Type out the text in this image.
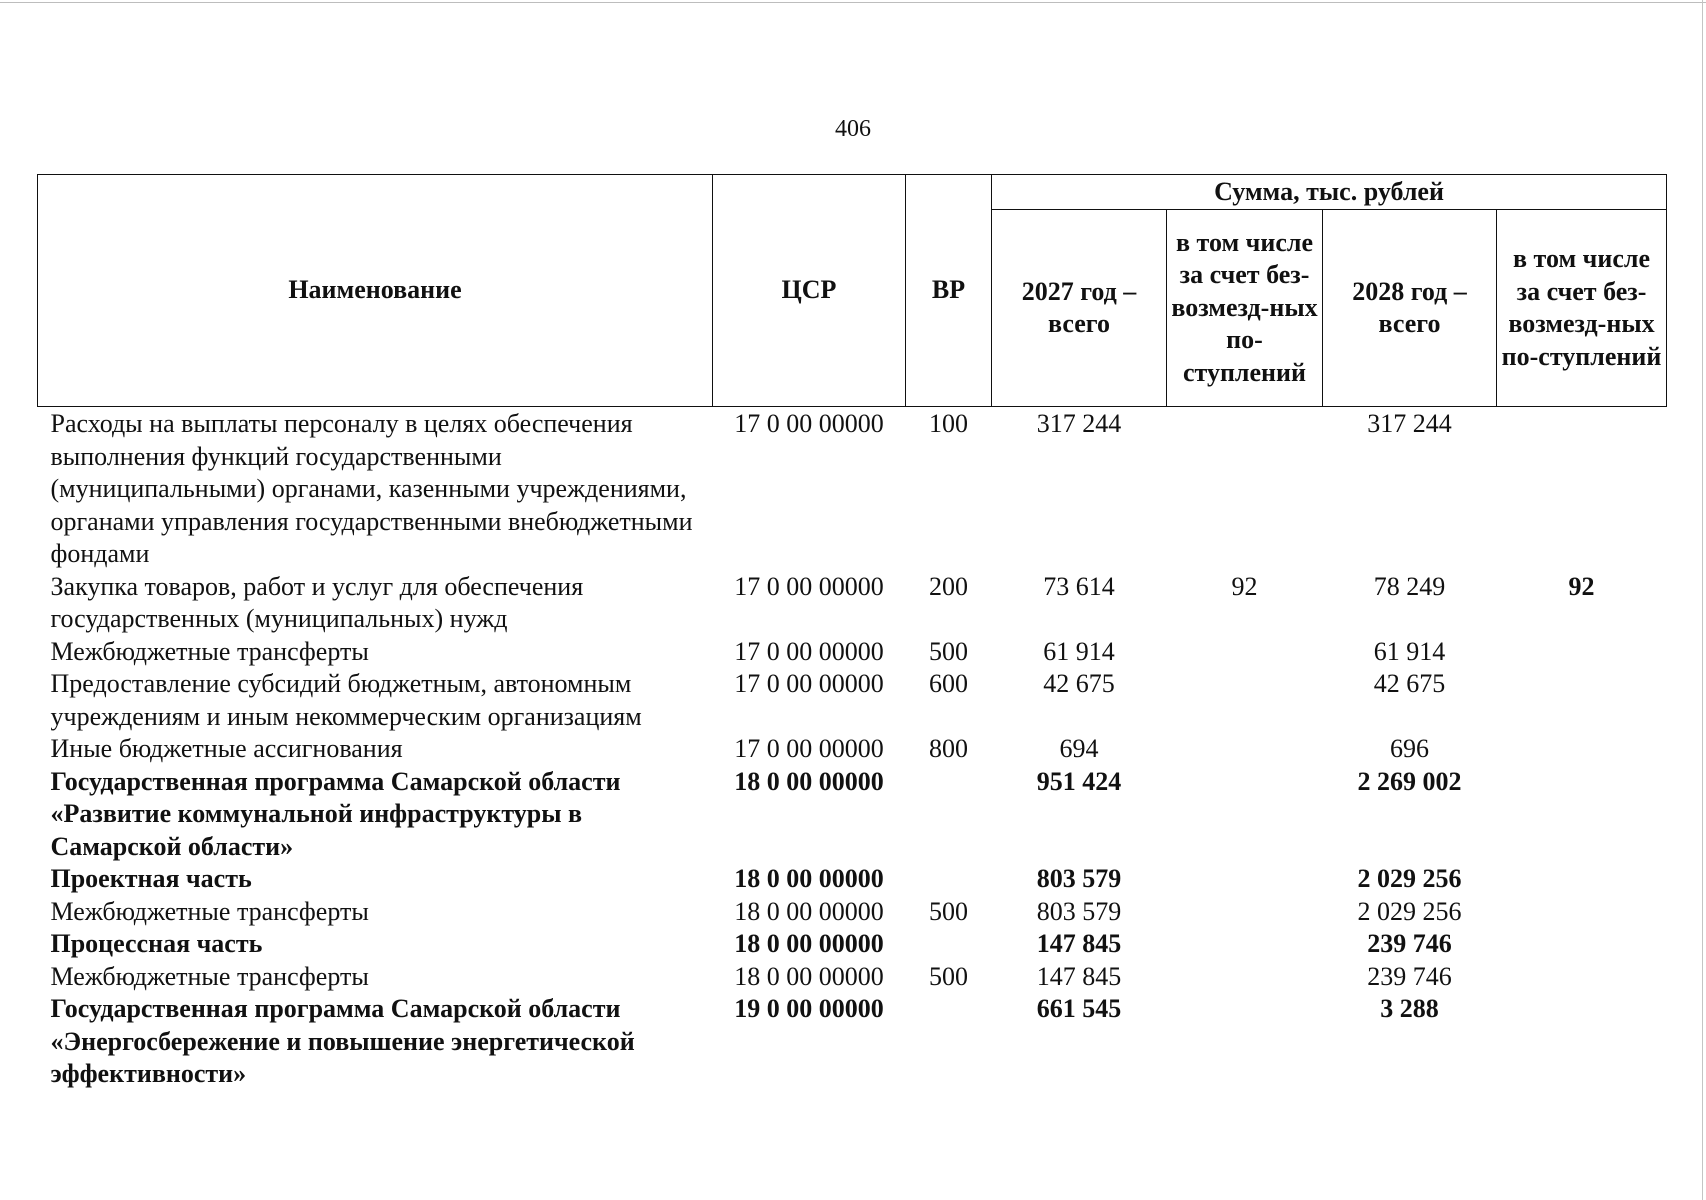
406
Наименование	ЦСР	ВР	Сумма, тыс. рублей			
			2027 год – всего	в том числе за счет без-возмезд-ных по-ступлений	2028 год – всего	в том числе за счет без-возмезд-ных по-ступлений
Расходы на выплаты персоналу в целях обеспечения выполнения функций государственными (муниципальными) органами, казенными учреждениями, органами управления государственными внебюджетными фондами	17 0 00 00000	100	317 244		317 244	
Закупка товаров, работ и услуг для обеспечения государственных (муниципальных) нужд	17 0 00 00000	200	73 614	92	78 249	92
Межбюджетные трансферты	17 0 00 00000	500	61 914		61 914	
Предоставление субсидий бюджетным, автономным учреждениям и иным некоммерческим организациям	17 0 00 00000	600	42 675		42 675	
Иные бюджетные ассигнования	17 0 00 00000	800	694		696	
Государственная программа Самарской области «Развитие коммунальной инфраструктуры в Самарской области»	18 0 00 00000		951 424		2 269 002	
Проектная часть	18 0 00 00000		803 579		2 029 256	
Межбюджетные трансферты	18 0 00 00000	500	803 579		2 029 256	
Процессная часть	18 0 00 00000		147 845		239 746	
Межбюджетные трансферты	18 0 00 00000	500	147 845		239 746	
Государственная программа Самарской области «Энергосбережение и повышение энергетической эффективности»	19 0 00 00000		661 545		3 288	
